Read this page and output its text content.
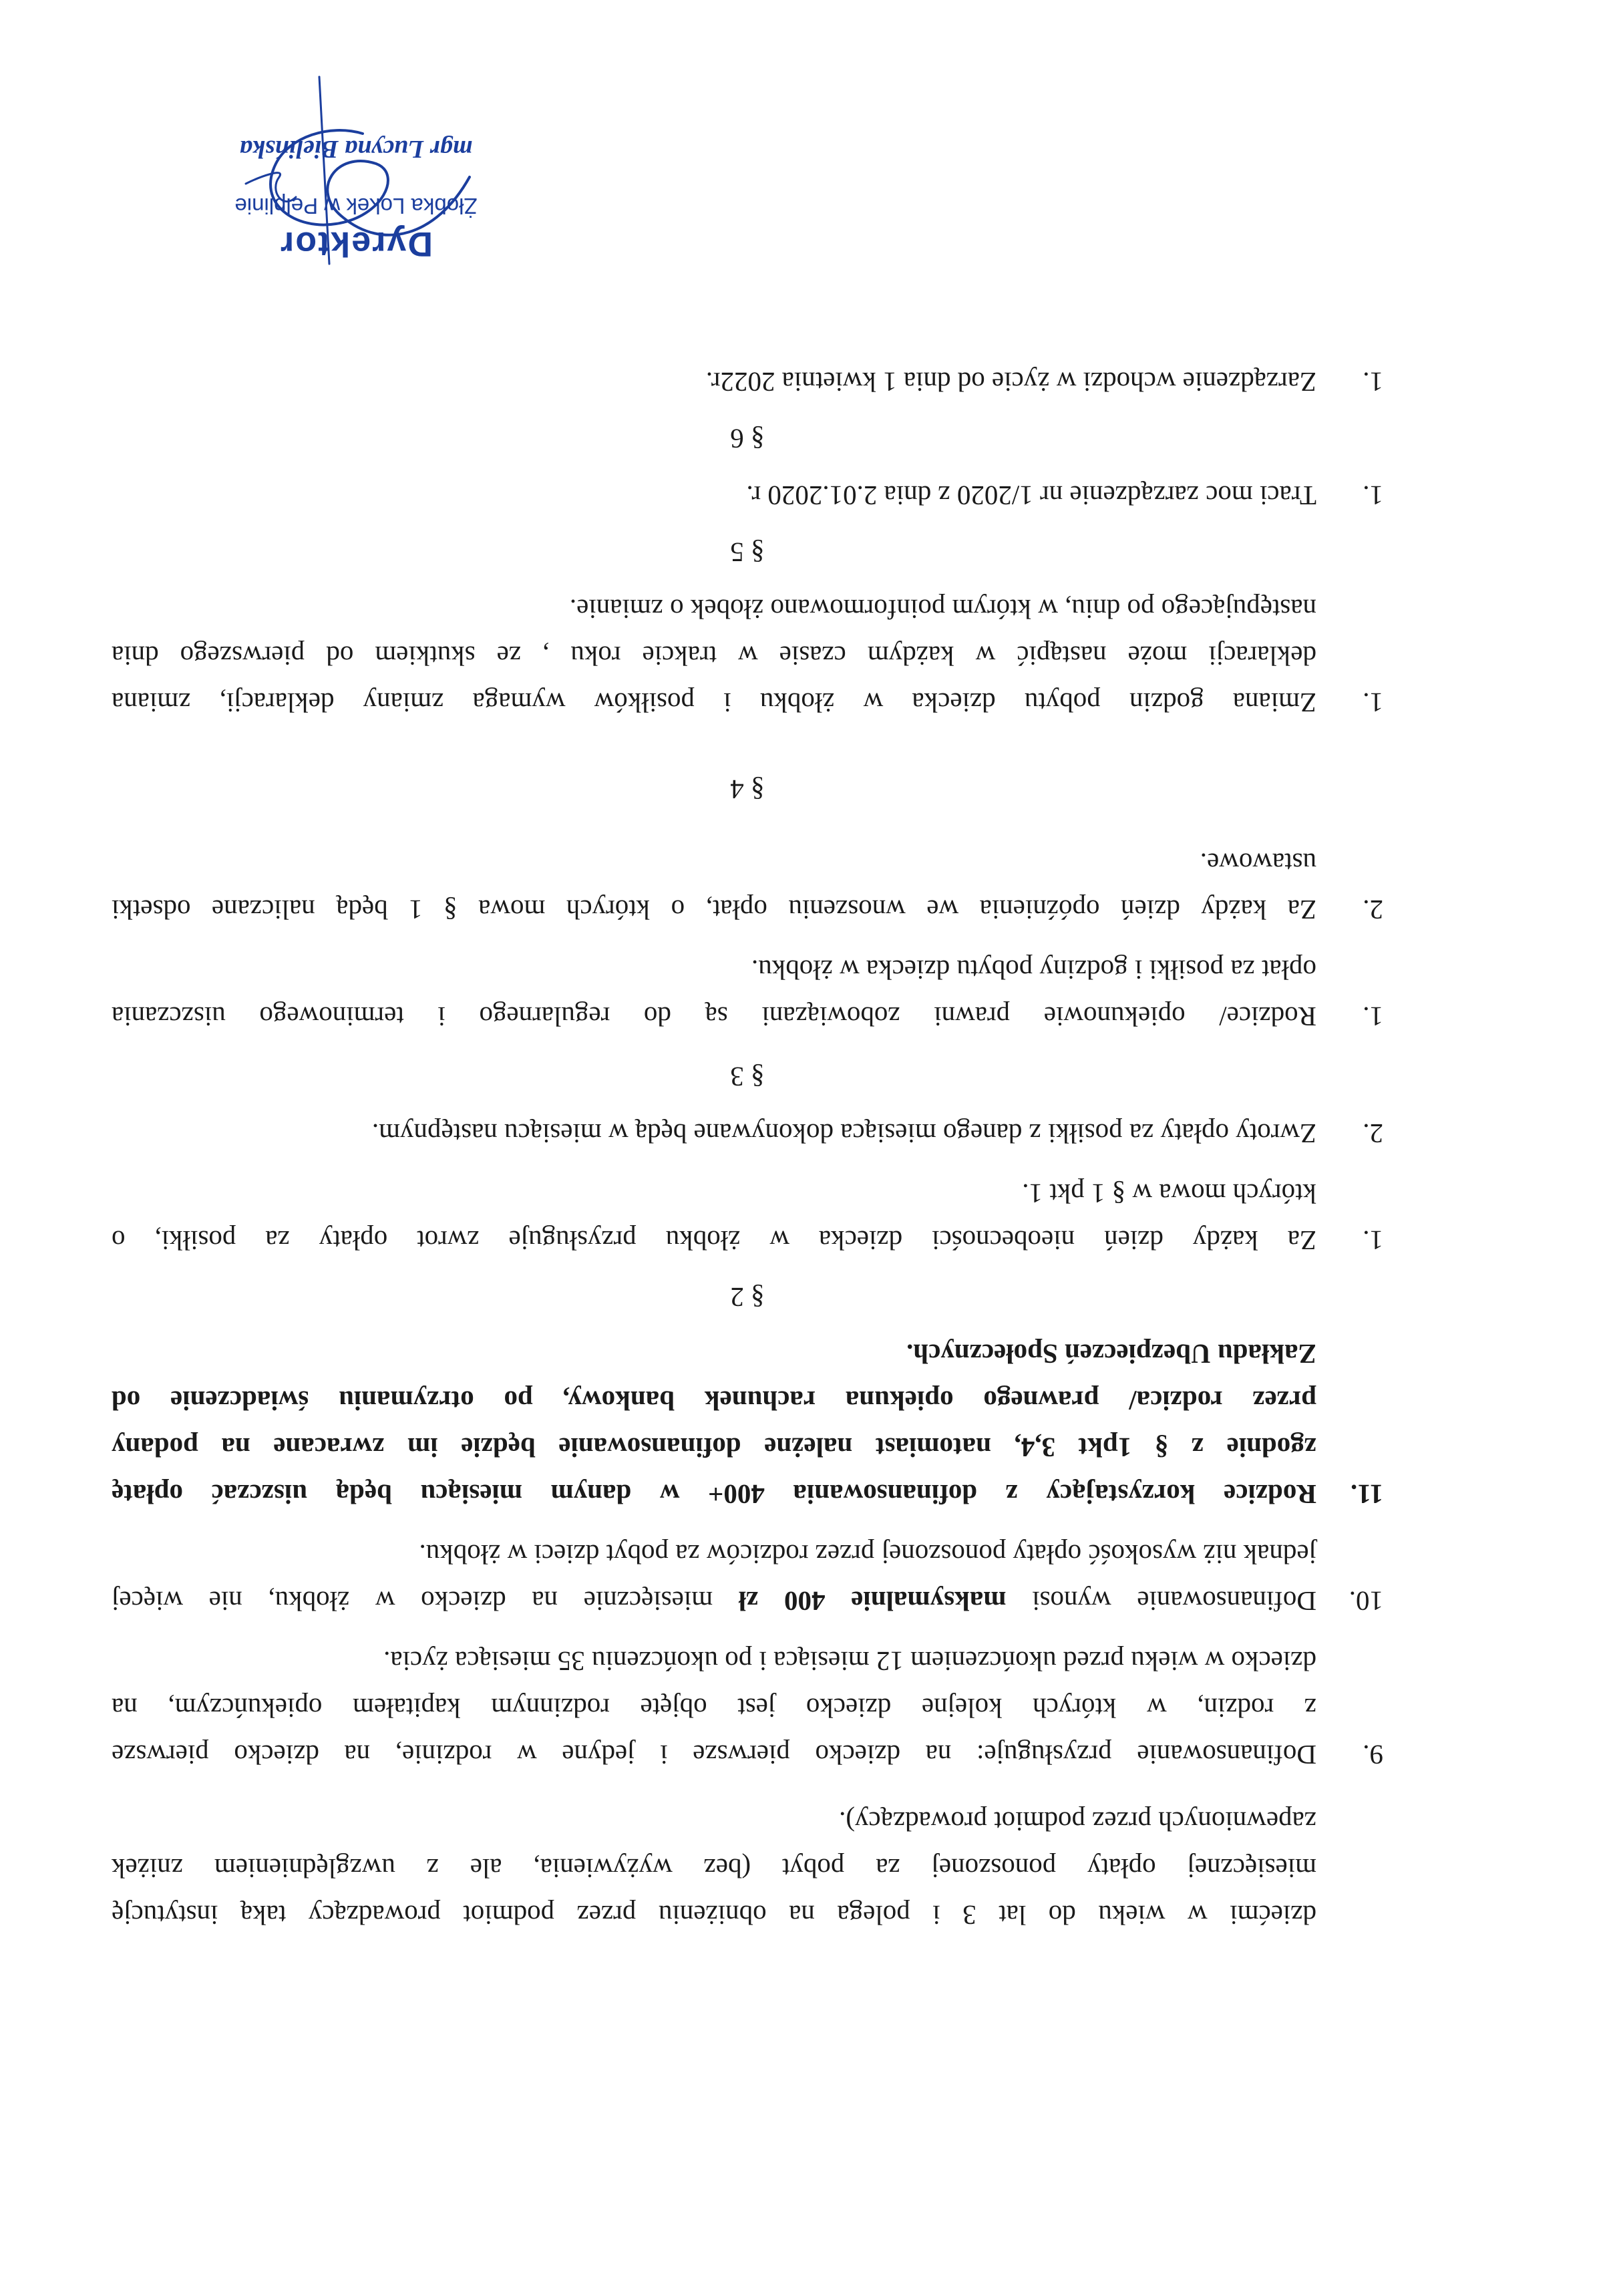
dziećmi w wieku do lat 3 i polega na obniżeniu przez podmiot prowadzący taką instytucję
miesięcznej opłaty ponoszonej za pobyt (bez wyżywienia, ale z uwzględnieniem zniżek
zapewnionych przez podmiot prowadzący).
9.
Dofinansowanie przysługuje: na dziecko pierwsze i jedyne w rodzinie, na dziecko pierwsze
z rodzin, w których kolejne dziecko jest objęte rodzinnym kapitałem opiekuńczym, na
dziecko w wieku przed ukończeniem 12 miesiąca i po ukończeniu 35 miesiąca życia.
10.
Dofinansowanie wynosi maksymalnie 400 zł miesięcznie na dziecko w żłobku, nie więcej
jednak niż wysokość opłaty ponoszonej przez rodziców za pobyt dzieci w żłobku.
11.
Rodzice korzystający z dofinansowania 400+ w danym miesiącu będą uiszczać opłatę
zgodnie z § 1pkt 3,4, natomiast należne dofinansowanie będzie im zwracane na podany
przez rodzica/ prawnego opiekuna rachunek bankowy, po otrzymaniu świadczenie od
Zakładu Ubezpieczeń Społecznych.
§ 2
1.
Za każdy dzień nieobecności dziecka w żłobku przysługuje zwrot opłaty za posiłki, o
których mowa w § 1 pkt 1.
2.
Zwroty opłaty za posiłki z danego miesiąca dokonywane będą w miesiącu następnym.
§ 3
1.
Rodzice/ opiekunowie prawni zobowiązani są do regularnego i terminowego uiszczania
opłat za posiłki i godziny pobytu dziecka w żłobku.
2.
Za każdy dzień opóźnienia we wnoszeniu opłat, o których mowa § 1 będą naliczane odsetki
ustawowe.
§ 4
1.
Zmiana godzin pobytu dziecka w żłobku i posiłków wymaga zmiany deklaracji, zmiana
deklaracji może nastąpić w każdym czasie w trakcie roku , ze skutkiem od pierwszego dnia
następującego po dniu, w którym poinformowano żłobek o zmianie.
§ 5
1.
Traci moc zarządzenie nr 1/2020 z dnia 2.01.2020 r.
§ 6
1.
Zarządzenie wchodzi w życie od dnia 1 kwietnia 2022r.
Dyrektor
Żłobka Lokek w Pelplinie
mgr Lucyna Bielińska
